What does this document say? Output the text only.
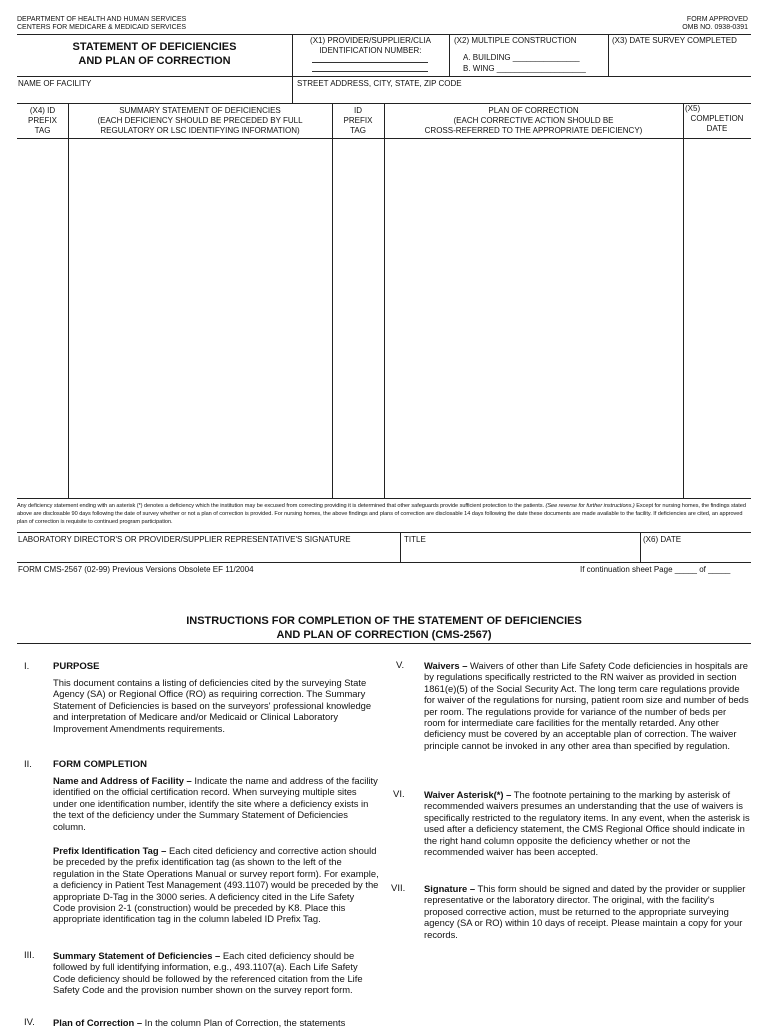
DEPARTMENT OF HEALTH AND HUMAN SERVICES
CENTERS FOR MEDICARE & MEDICAID SERVICES
FORM APPROVED
OMB NO. 0938-0391
STATEMENT OF DEFICIENCIES
AND PLAN OF CORRECTION
(X1) PROVIDER/SUPPLIER/CLIA
IDENTIFICATION NUMBER:
(X2) MULTIPLE CONSTRUCTION
A. BUILDING _______________
B. WING ____________________
(X3) DATE SURVEY COMPLETED
NAME OF FACILITY	STREET ADDRESS, CITY, STATE, ZIP CODE
(X4) ID
PREFIX
TAG
SUMMARY STATEMENT OF DEFICIENCIES
(EACH DEFICIENCY SHOULD BE PRECEDED BY FULL
REGULATORY OR LSC IDENTIFYING INFORMATION)
ID
PREFIX
TAG
PLAN OF CORRECTION
(EACH CORRECTIVE ACTION SHOULD BE
CROSS-REFERRED TO THE APPROPRIATE DEFICIENCY)
(X5)
COMPLETION
DATE
Any deficiency statement ending with an asterisk (*) denotes a deficiency which the institution may be excused from correcting providing it is determined that other safeguards provide sufficient protection to the patients. (See reverse for further instructions.) Except for nursing homes, the findings stated above are disclosable 90 days following the date of survey whether or not a plan of correction is provided. For nursing homes, the above findings and plans of correction are disclosable 14 days following the date these documents are made available to the facility. If deficiencies are cited, an approved plan of correction is requisite to continued program participation.
LABORATORY DIRECTOR'S OR PROVIDER/SUPPLIER REPRESENTATIVE'S SIGNATURE	TITLE	(X6) DATE
FORM CMS-2567 (02-99) Previous Versions Obsolete EF 11/2004	If continuation sheet Page _____ of _____
INSTRUCTIONS FOR COMPLETION OF THE STATEMENT OF DEFICIENCIES
AND PLAN OF CORRECTION (CMS-2567)
I. PURPOSE
This document contains a listing of deficiencies cited by the surveying State Agency (SA) or Regional Office (RO) as requiring correction. The Summary Statement of Deficiencies is based on the surveyors' professional knowledge and interpretation of Medicare and/or Medicaid or Clinical Laboratory Improvement Amendments requirements.
II. FORM COMPLETION
Name and Address of Facility – Indicate the name and address of the facility identified on the official certification record. When surveying multiple sites under one identification number, identify the site where a deficiency exists in the text of the deficiency under the Summary Statement of Deficiencies column.
Prefix Identification Tag – Each cited deficiency and corrective action should be preceded by the prefix identification tag (as shown to the left of the regulation in the State Operations Manual or survey report form). For example, a deficiency in Patient Test Management (493.1107) would be preceded by the appropriate D-Tag in the 3000 series. A deficiency cited in the Life Safety Code provision 2-1 (construction) would be preceded by K8. Place this appropriate identification tag in the column labeled ID Prefix Tag.
III. Summary Statement of Deficiencies – Each cited deficiency should be followed by full identifying information, e.g., 493.1107(a). Each Life Safety Code deficiency should be followed by the referenced citation from the Life Safety Code and the provision number shown on the survey report form.
IV. Plan of Correction – In the column Plan of Correction, the statements
V. Waivers – Waivers of other than Life Safety Code deficiencies in hospitals are by regulations specifically restricted to the RN waiver as provided in section 1861(e)(5) of the Social Security Act. The long term care regulations provide for waiver of the regulations for nursing, patient room size and number of beds per room. The regulations provide for variance of the number of beds per room for intermediate care facilities for the mentally retarded. Any other deficiency must be covered by an acceptable plan of correction. The waiver principle cannot be invoked in any other area than specified by regulation.
VI. Waiver Asterisk(*) – The footnote pertaining to the marking by asterisk of recommended waivers presumes an understanding that the use of waivers is specifically restricted to the regulatory items. In any event, when the asterisk is used after a deficiency statement, the CMS Regional Office should indicate in the right hand column opposite the deficiency whether or not the recommended waiver has been accepted.
VII. Signature – This form should be signed and dated by the provider or supplier representative or the laboratory director. The original, with the facility's proposed corrective action, must be returned to the appropriate surveying agency (SA or RO) within 10 days of receipt. Please maintain a copy for your records.
